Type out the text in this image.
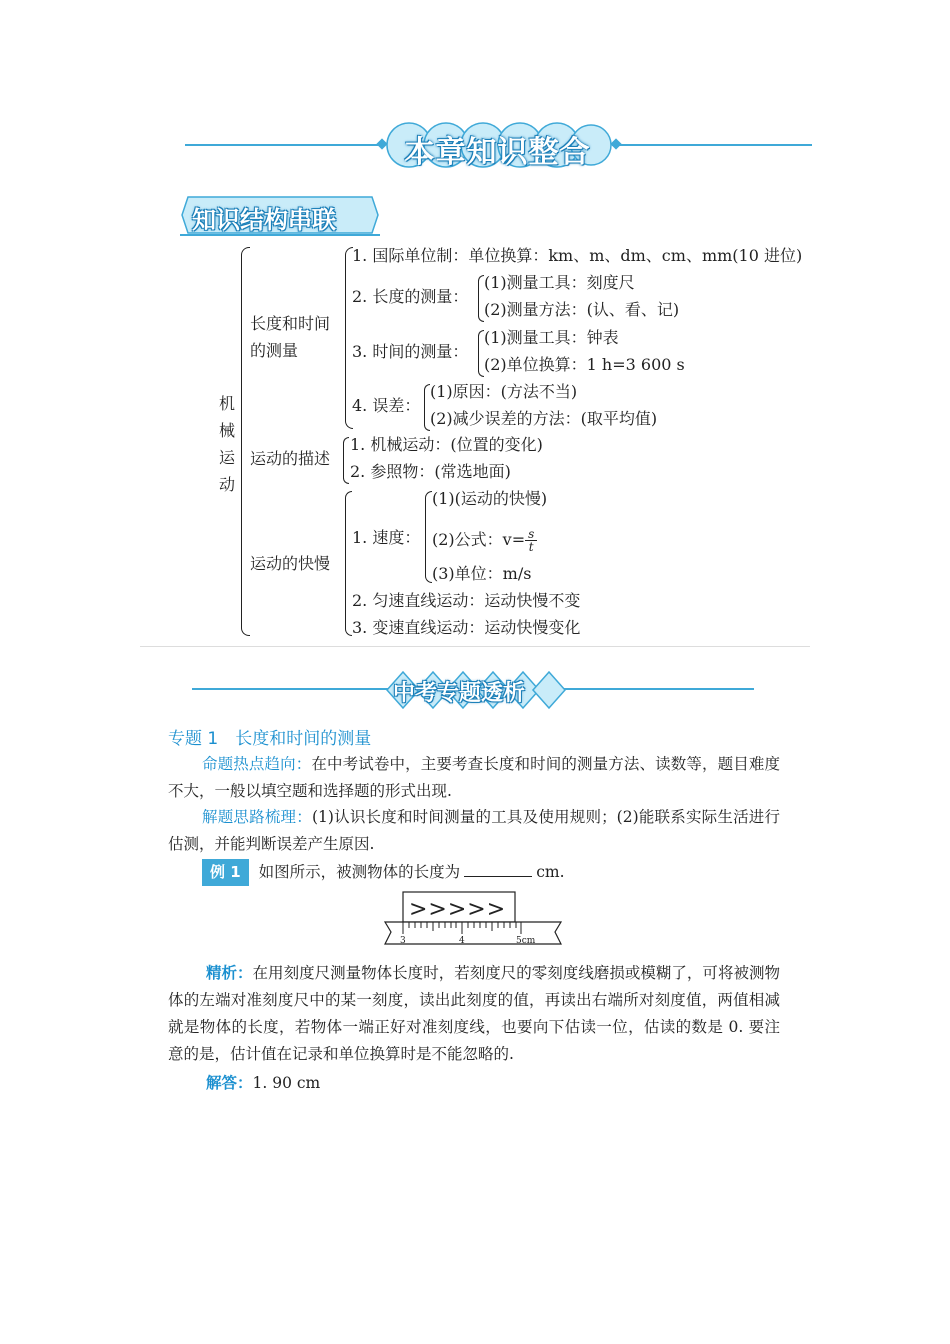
本章知识整合
知识结构串联
机
械
运
动
长度和时间
的测量
1. 国际单位制：单位换算：km、m、dm、cm、mm(10 进位)
2. 长度的测量：
(1)测量工具：刻度尺
(2)测量方法：(认、看、记)
3. 时间的测量：
(1)测量工具：钟表
(2)单位换算：1 h=3 600 s
4. 误差：
(1)原因：(方法不当)
(2)减少误差的方法：(取平均值)
运动的描述
1. 机械运动：(位置的变化)
2. 参照物：(常选地面)
运动的快慢
1. 速度：
(1)(运动的快慢)
(2)公式：$v= \frac{s}{t}$
(3)单位：m/s
2. 匀速直线运动：运动快慢不变
3. 变速直线运动：运动快慢变化
中考专题透析
专题 1　长度和时间的测量
命题热点趋向：在中考试卷中，主要考查长度和时间的测量方法、读数等，题目难度不大，一般以填空题和选择题的形式出现.
解题思路梳理：(1)认识长度和时间测量的工具及使用规则；(2)能联系实际生活进行估测，并能判断误差产生原因.
例 1 如图所示，被测物体的长度为	cm.
>>>>>
3	4	5cm
精析：在用刻度尺测量物体长度时，若刻度尺的零刻度线磨损或模糊了，可将被测物体的左端对准刻度尺中的某一刻度，读出此刻度的值，再读出右端所对刻度值，两值相减就是物体的长度，若物体一端正好对准刻度线，也要向下估读一位，估读的数是 0. 要注意的是，估计值在记录和单位换算时是不能忽略的.
解答：1. 90 cm
